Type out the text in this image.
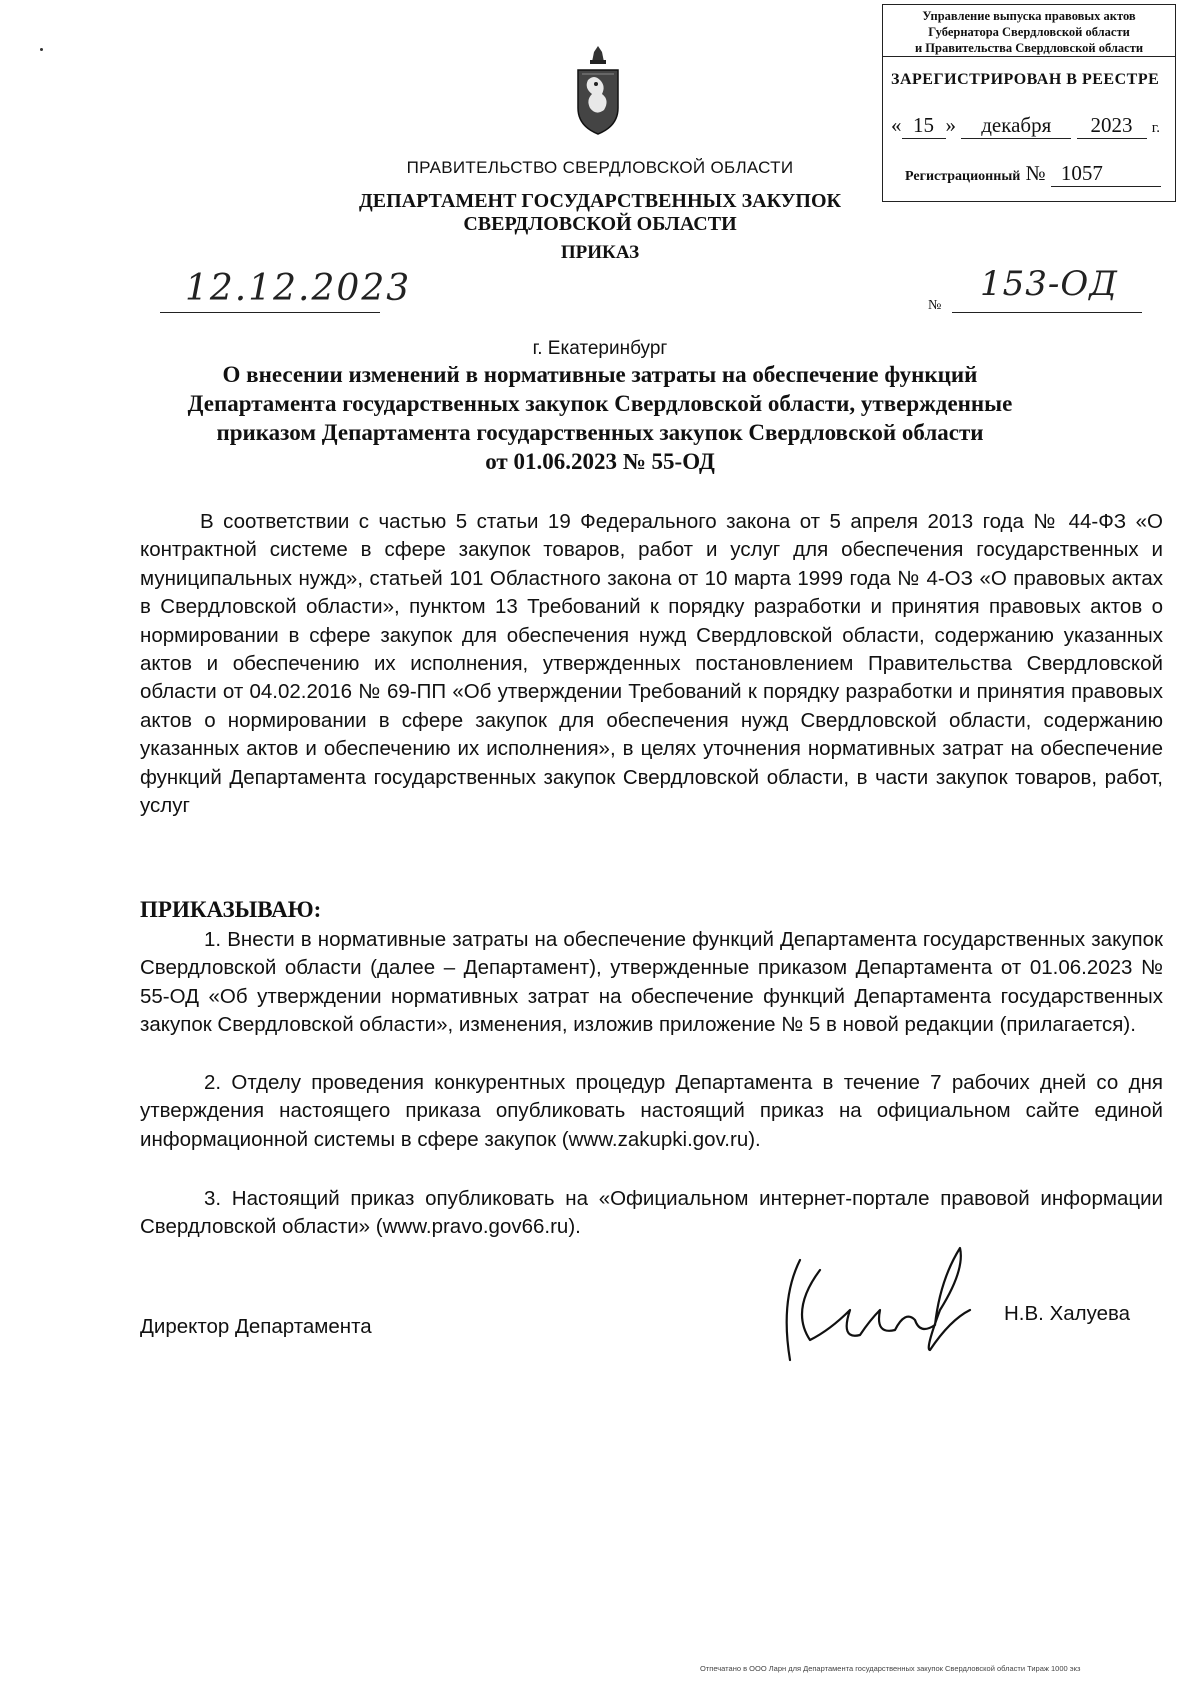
Управление выпуска правовых актов
Губернатора Свердловской области
и Правительства Свердловской области
ЗАРЕГИСТРИРОВАН В РЕЕСТРЕ
« 15 » декабря 2023 г.
Регистрационный № 1057
ПРАВИТЕЛЬСТВО СВЕРДЛОВСКОЙ ОБЛАСТИ
ДЕПАРТАМЕНТ ГОСУДАРСТВЕННЫХ ЗАКУПОК
СВЕРДЛОВСКОЙ ОБЛАСТИ
ПРИКАЗ
12.12.2023	№
153-ОД
г. Екатеринбург
О внесении изменений в нормативные затраты на обеспечение функций
Департамента государственных закупок Свердловской области, утвержденные
приказом Департамента государственных закупок Свердловской области
от 01.06.2023 № 55-ОД
В соответствии с частью 5 статьи 19 Федерального закона от 5 апреля 2013 года № 44-ФЗ «О контрактной системе в сфере закупок товаров, работ и услуг для обеспечения государственных и муниципальных нужд», статьей 101 Областного закона от 10 марта 1999 года № 4-ОЗ «О правовых актах в Свердловской области», пунктом 13 Требований к порядку разработки и принятия правовых актов о нормировании в сфере закупок для обеспечения нужд Свердловской области, содержанию указанных актов и обеспечению их исполнения, утвержденных постановлением Правительства Свердловской области от 04.02.2016 № 69-ПП «Об утверждении Требований к порядку разработки и принятия правовых актов о нормировании в сфере закупок для обеспечения нужд Свердловской области, содержанию указанных актов и обеспечению их исполнения», в целях уточнения нормативных затрат на обеспечение функций Департамента государственных закупок Свердловской области, в части закупок товаров, работ, услуг
ПРИКАЗЫВАЮ:
1. Внести в нормативные затраты на обеспечение функций Департамента государственных закупок Свердловской области (далее – Департамент), утвержденные приказом Департамента от 01.06.2023 № 55-ОД «Об утверждении нормативных затрат на обеспечение функций Департамента государственных закупок Свердловской области», изменения, изложив приложение № 5 в новой редакции (прилагается).
2. Отделу проведения конкурентных процедур Департамента в течение 7 рабочих дней со дня утверждения настоящего приказа опубликовать настоящий приказ на официальном сайте единой информационной системы в сфере закупок (www.zakupki.gov.ru).
3. Настоящий приказ опубликовать на «Официальном интернет-портале правовой информации Свердловской области» (www.pravo.gov66.ru).
Директор Департамента
Н.В. Халуева
Отпечатано в ООО Ларн для Департамента государственных закупок Свердловской области Тираж 1000 экз
